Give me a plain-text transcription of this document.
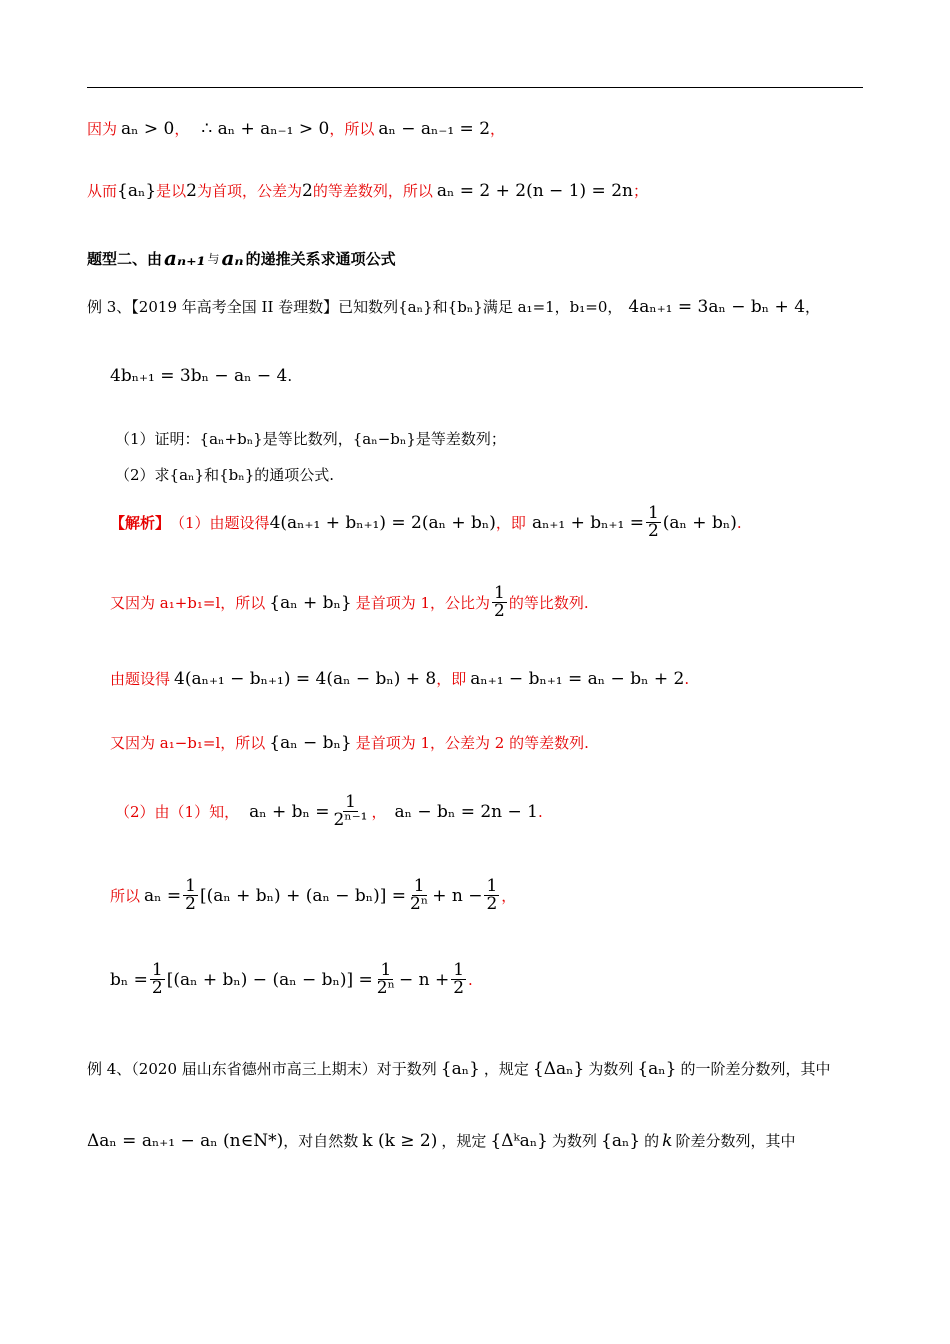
因为 aₙ > 0 ， ∴ aₙ + aₙ₋₁ > 0 ，所以 aₙ − aₙ₋₁ = 2 ，
从而 {aₙ} 是以 2 为首项，公差为 2 的等差数列，所以 aₙ = 2 + 2(n − 1) = 2n ；
题型二、由 aₙ₊₁ 与 aₙ 的递推关系求通项公式
例 3、【2019 年高考全国 II 卷理数】已知数列{aₙ}和{bₙ}满足 a₁=1，b₁=0， 4aₙ₊₁ = 3aₙ − bₙ + 4 ，
4bₙ₊₁ = 3bₙ − aₙ − 4 .
（1）证明：{aₙ+bₙ}是等比数列，{aₙ−bₙ}是等差数列；
（2）求{aₙ}和{bₙ}的通项公式.
【解析】 （1）由题设得 4(aₙ₊₁ + bₙ₊₁) = 2(aₙ + bₙ) ，即 $a_{n+1} + b_{n+1} = \frac{1}{2} (a_n + b_n)$ .
又因为 a₁+b₁=l，所以 {aₙ + bₙ} 是首项为 1，公比为 $\frac{1}{2}$ 的等比数列.
由题设得 4(aₙ₊₁ − bₙ₊₁) = 4(aₙ − bₙ) + 8 ，即 aₙ₊₁ − bₙ₊₁ = aₙ − bₙ + 2 .
又因为 a₁−b₁=l，所以 {aₙ − bₙ} 是首项为 1，公差为 2 的等差数列.
（2）由（1）知， $a_n + b_n = \frac{1}{\text{2ⁿ⁻¹}}$ ， aₙ − bₙ = 2n − 1 .
所以 $a_n = \frac{1}{2} [(a_n + b_n) + (a_n - b_n)] = \frac{1}{\text{2ⁿ}} + n - \frac{1}{2}$ ，
$b_n = \frac{1}{2} [(a_n + b_n) - (a_n - b_n)] = \frac{1}{\text{2ⁿ}} - n + \frac{1}{2}$ .
例 4、（2020 届山东省德州市高三上期末）对于数列 {aₙ} ，规定 {Δaₙ} 为数列 {aₙ} 的一阶差分数列，其中
Δaₙ = aₙ₊₁ − aₙ (n∈N*) ，对自然数 k (k ≥ 2) ，规定 {Δᵏaₙ} 为数列 {aₙ} 的 k 阶差分数列，其中
